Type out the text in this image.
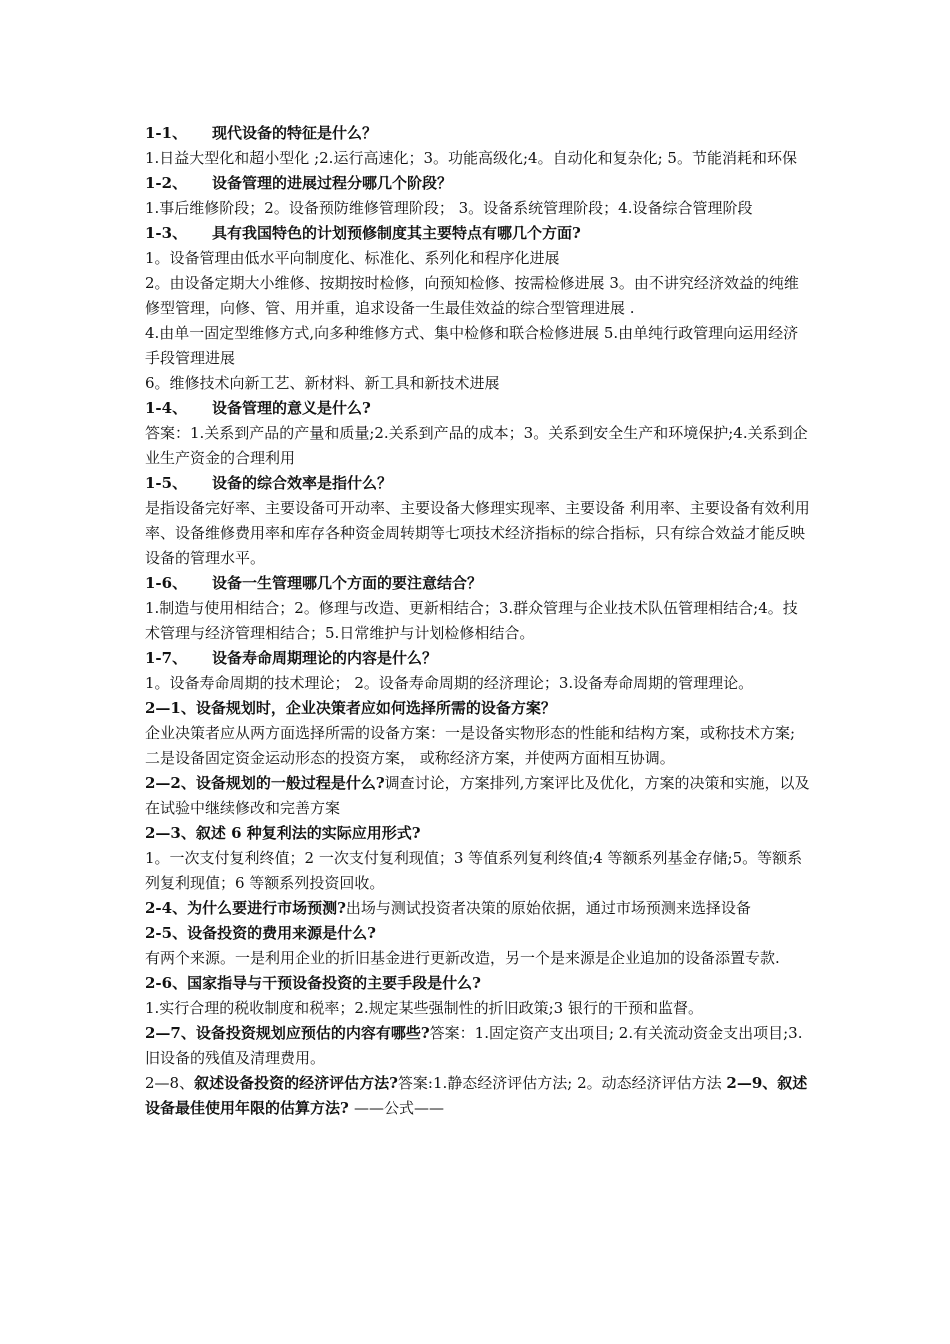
1-1、 现代设备的特征是什么？

1.日益大型化和超小型化 ;2.运行高速化；3。功能高级化;4。自动化和复杂化; 5。节能消耗和环保

1-2、 设备管理的进展过程分哪几个阶段？

1.事后维修阶段；2。设备预防维修管理阶段； 3。设备系统管理阶段；4.设备综合管理阶段

1-3、 具有我国特色的计划预修制度其主要特点有哪几个方面?

1。设备管理由低水平向制度化、标准化、系列化和程序化进展

2。由设备定期大小维修、按期按时检修，向预知检修、按需检修进展 3。由不讲究经济效益的纯维修型管理，向修、管、用并重，追求设备一生最佳效益的综合型管理进展 .

4.由单一固定型维修方式,向多种维修方式、集中检修和联合检修进展 5.由单纯行政管理向运用经济手段管理进展

6。维修技术向新工艺、新材料、新工具和新技术进展

1-4、 设备管理的意义是什么?

答案：1.关系到产品的产量和质量;2.关系到产品的成本；3。关系到安全生产和环境保护;4.关系到企业生产资金的合理利用

1-5、 设备的综合效率是指什么？

是指设备完好率、主要设备可开动率、主要设备大修理实现率、主要设备 利用率、主要设备有效利用率、设备维修费用率和库存各种资金周转期等七项技术经济指标的综合指标，只有综合效益才能反映设备的管理水平。

1-6、 设备一生管理哪几个方面的要注意结合？

1.制造与使用相结合；2。修理与改造、更新相结合；3.群众管理与企业技术队伍管理相结合;4。技术管理与经济管理相结合；5.日常维护与计划检修相结合。

1-7、 设备寿命周期理论的内容是什么？

1。设备寿命周期的技术理论； 2。设备寿命周期的经济理论；3.设备寿命周期的管理理论。

2—1、设备规划时，企业决策者应如何选择所需的设备方案？

企业决策者应从两方面选择所需的设备方案：一是设备实物形态的性能和结构方案，或称技术方案;二是设备固定资金运动形态的投资方案， 或称经济方案，并使两方面相互协调。

2—2、设备规划的一般过程是什么?调查讨论，方案排列,方案评比及优化，方案的决策和实施，以及在试验中继续修改和完善方案

2—3、叙述 6 种复利法的实际应用形式?

1。一次支付复利终值；2 一次支付复利现值；3 等值系列复利终值;4 等额系列基金存储;5。等额系列复利现值；6 等额系列投资回收。

2-4、为什么要进行市场预测?出场与测试投资者决策的原始依据，通过市场预测来选择设备

2-5、设备投资的费用来源是什么?

有两个来源。一是利用企业的折旧基金进行更新改造，另一个是来源是企业追加的设备添置专款.

2-6、国家指导与干预设备投资的主要手段是什么?

1.实行合理的税收制度和税率；2.规定某些强制性的折旧政策;3 银行的干预和监督。

2—7、设备投资规划应预估的内容有哪些?答案：1.固定资产支出项目; 2.有关流动资金支出项目;3.旧设备的残值及清理费用。

2—8、叙述设备投资的经济评估方法?答案:1.静态经济评估方法; 2。动态经济评估方法 2—9、叙述设备最佳使用年限的估算方法? ——公式——
